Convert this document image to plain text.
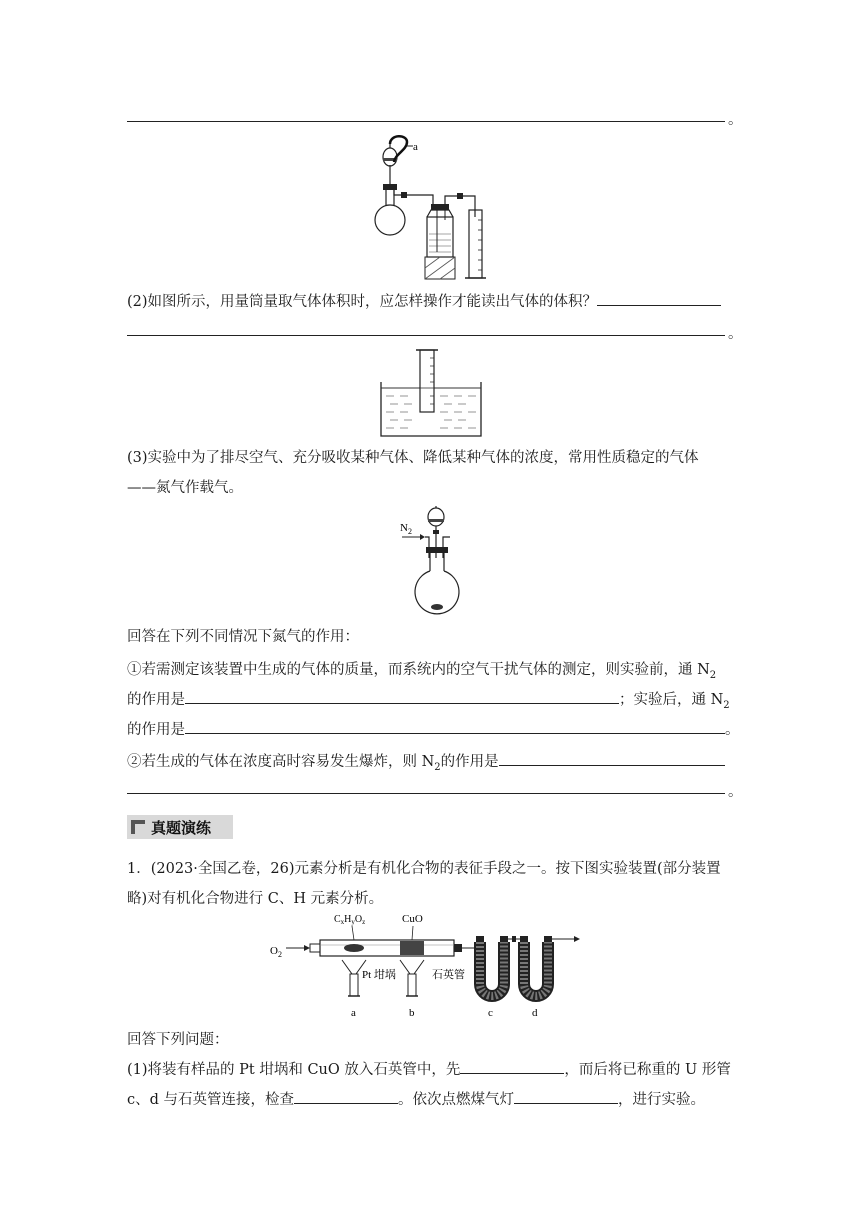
。
a
(2)如图所示，用量筒量取气体体积时，应怎样操作才能读出气体的体积？
。
(3)实验中为了排尽空气、充分吸收某种气体、降低某种气体的浓度，常用性质稳定的气体
——氮气作载气。
$N_2$
回答在下列不同情况下氮气的作用：
①若需测定该装置中生成的气体的质量，而系统内的空气干扰气体的测定，则实验前，通 $N_2$
的作用是	；实验后，通 $N_2$
的作用是	。
②若生成的气体在浓度高时容易发生爆炸，则 $N_2$的作用是
。
真题演练
1．(2023·全国乙卷，26)元素分析是有机化合物的表征手段之一。按下图实验装置(部分装置
略)对有机化合物进行 C、H 元素分析。
$O_2$
$C_xH_yO_z$	CuO
a	b
Pt 坩埚	石英管
c	d
回答下列问题：
(1)将装有样品的 Pt 坩埚和 CuO 放入石英管中，先	，而后将已称重的 U 形管
c、d 与石英管连接，检查	。依次点燃煤气灯	，进行实验。
